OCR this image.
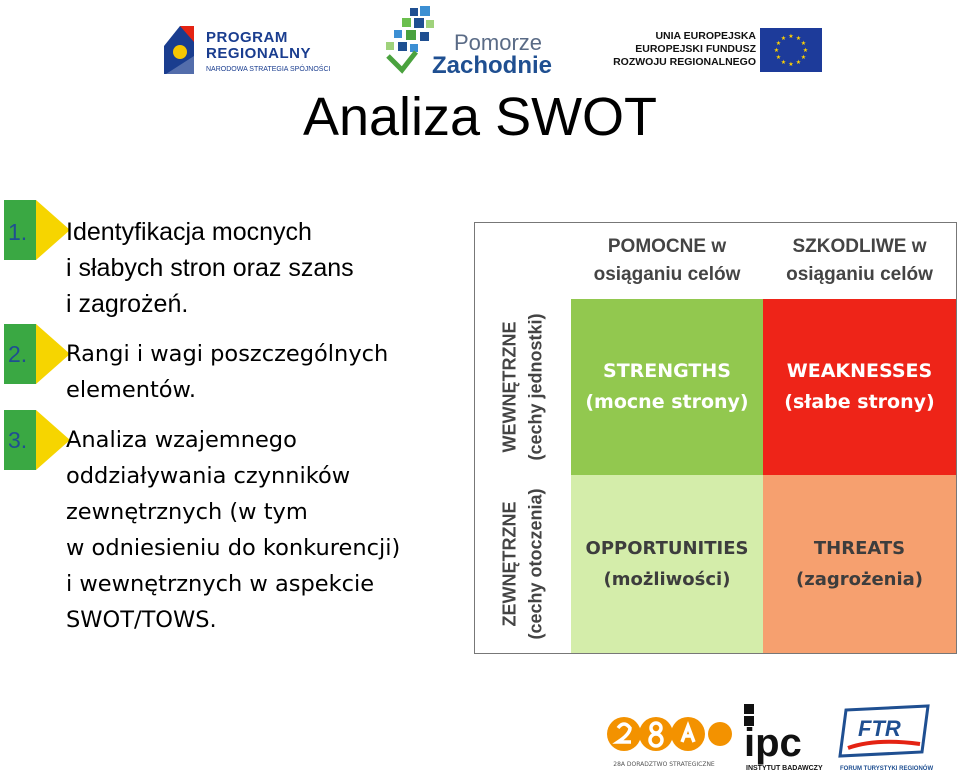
PROGRAM
REGIONALNY
NARODOWA STRATEGIA SPÓJNOŚCI
Pomorze
Zachodnie
UNIA EUROPEJSKA
EUROPEJSKI FUNDUSZ
ROZWOJU REGIONALNEGO
★ ★
★
★
★
★
★
★
★
★
★
★
Analiza SWOT
1. Identyfikacja mocnych
i słabych stron oraz szans
i zagrożeń.
2. Rangi i wagi poszczególnych
elementów.
3. Analiza wzajemnego
oddziaływania czynników
zewnętrznych (w tym
w odniesieniu do konkurencji)
i wewnętrznych w aspekcie
SWOT/TOWS.
POMOCNE w
osiąganiu celów
SZKODLIWE w
osiąganiu celów
WEWNĘTRZNE (cechy jednostki)
ZEWNĘTRZNE (cechy otoczenia)
STRENGTHS
(mocne strony)
WEAKNESSES
(słabe strony)
OPPORTUNITIES
(możliwości)
THREATS
(zagrożenia)
28A DORADZTWO STRATEGICZNE ipc
INSTYTUT BADAWCZY
FTR
FORUM TURYSTYKI REGIONÓW
